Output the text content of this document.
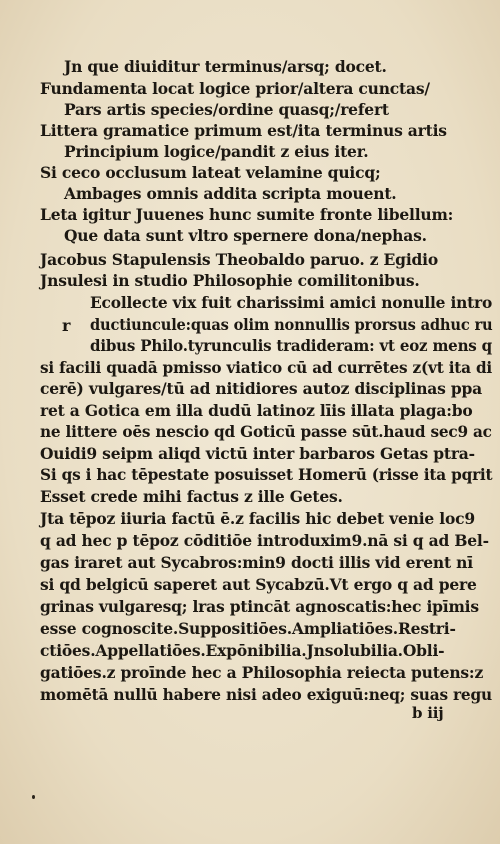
Jn que diuiditur terminus/arsq; docet.
Fundamenta locat logice prior/altera cunctas/
Pars artis species/ordine quasq;/refert
Littera gramatice primum est/ita terminus artis
Principium logice/pandit z eius iter.
Si ceco occlusum lateat velamine quicq;
Ambages omnis addita scripta mouent.
Leta igitur Juuenes hunc sumite fronte libellum:
Que data sunt vltro spernere dona/nephas.
Jacobus Stapulensis Theobaldo paruo. z Egidio
Jnsulesi in studio Philosophie comilitonibus.
r
Ecollecte vix fuit charissimi amici nonulle intro
ductiuncule:quas olim nonnullis prorsus adhuc ru
dibus Philo.tyrunculis tradideram: vt eoz mens q
si facili quadā pmisso viatico cū ad currētes z(vt ita di
cerē) vulgares/tū ad nitidiores autoz disciplinas ppa
ret a Gotica em illa dudū latinoz līis illata plaga:bo
ne littere oēs nescio qd Goticū passe sūt.haud sec9 ac
Ouidi9 seipm aliqd victū inter barbaros Getas ptra-
Si qs i hac tēpestate posuisset Homerū (risse ita pqrit
Esset crede mihi factus z ille Getes.
Jta tēpoz iiuria factū ē.z facilis hic debet venie loc9
q ad hec p tēpoz cōditiōe introduxim9.nā si q ad Bel-
gas iraret aut Sycabros:min9 docti illis vid erent nī
si qd belgicū saperet aut Sycabzū.Vt ergo q ad pere
grinas vulgaresq; lras ptincāt agnoscatis:hec ipīmis
esse cognoscite.Suppositiōes.Ampliatiōes.Restri-
ctiōes.Appellatiōes.Expōnibilia.Jnsolubilia.Obli-
gatiōes.z proīnde hec a Philosophia reiecta putens:z
momētā nullū habere nisi adeo exiguū:neq; suas regu
b iij
